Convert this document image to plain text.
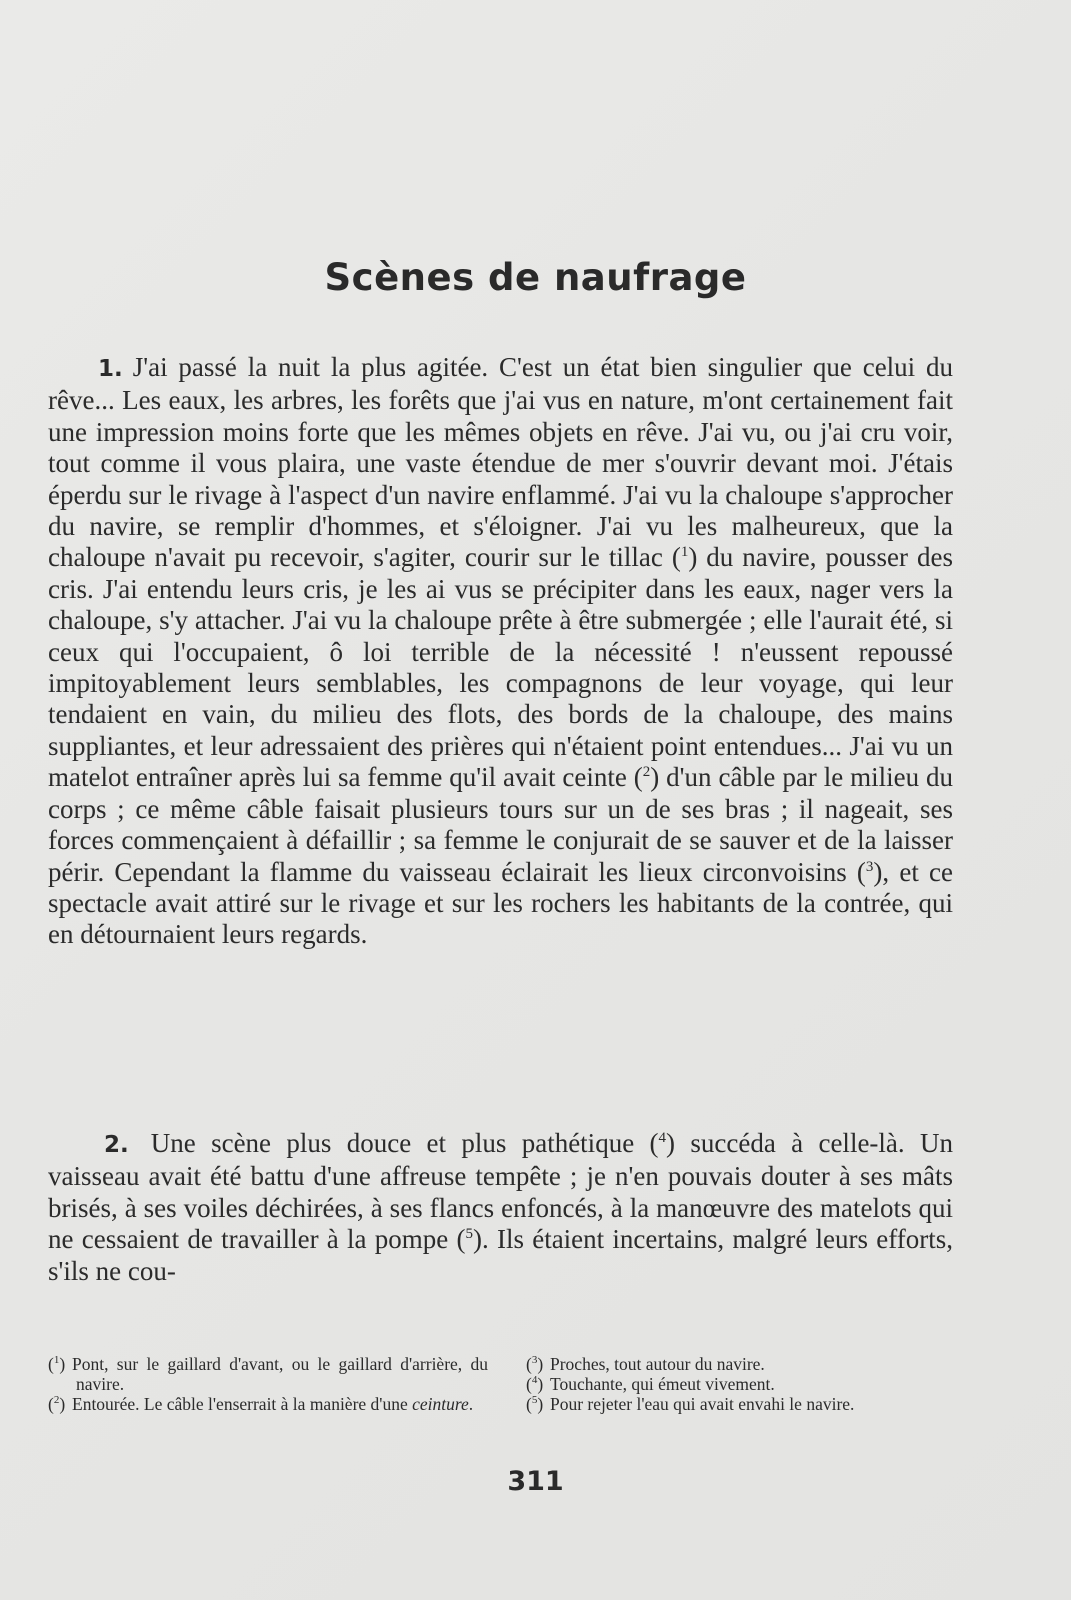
Scènes de naufrage

1. J'ai passé la nuit la plus agitée. C'est un état bien singulier que celui du rêve... Les eaux, les arbres, les forêts que j'ai vus en nature, m'ont certainement fait une impression moins forte que les mêmes objets en rêve. J'ai vu, ou j'ai cru voir, tout comme il vous plaira, une vaste étendue de mer s'ouvrir devant moi. J'étais éperdu sur le rivage à l'aspect d'un navire enflammé. J'ai vu la chaloupe s'approcher du navire, se remplir d'hommes, et s'éloigner. J'ai vu les malheureux, que la chaloupe n'avait pu recevoir, s'agiter, courir sur le tillac ($^1$) du navire, pousser des cris. J'ai entendu leurs cris, je les ai vus se précipiter dans les eaux, nager vers la chaloupe, s'y attacher. J'ai vu la chaloupe prête à être submergée ; elle l'aurait été, si ceux qui l'occupaient, ô loi terrible de la nécessité ! n'eussent repoussé impitoyablement leurs semblables, les compagnons de leur voyage, qui leur tendaient en vain, du milieu des flots, des bords de la chaloupe, des mains suppliantes, et leur adressaient des prières qui n'étaient point entendues... J'ai vu un matelot entraîner après lui sa femme qu'il avait ceinte ($^2$) d'un câble par le milieu du corps ; ce même câble faisait plusieurs tours sur un de ses bras ; il nageait, ses forces commençaient à défaillir ; sa femme le conjurait de se sauver et de la laisser périr. Cependant la flamme du vaisseau éclairait les lieux circonvoisins ($^3$), et ce spectacle avait attiré sur le rivage et sur les rochers les habitants de la contrée, qui en détournaient leurs regards.

2. Une scène plus douce et plus pathétique ($^4$) succéda à celle-là. Un vaisseau avait été battu d'une affreuse tempête ; je n'en pouvais douter à ses mâts brisés, à ses voiles déchirées, à ses flancs enfoncés, à la manœuvre des matelots qui ne cessaient de travailler à la pompe ($^5$). Ils étaient incertains, malgré leurs efforts, s'ils ne cou-

($^1$) Pont, sur le gaillard d'avant, ou le gaillard d'arrière, du navire.
($^2$) Entourée. Le câble l'enserrait à la manière d'une ceinture.
($^3$) Proches, tout autour du navire.
($^4$) Touchante, qui émeut vivement.
($^5$) Pour rejeter l'eau qui avait envahi le navire.
311
